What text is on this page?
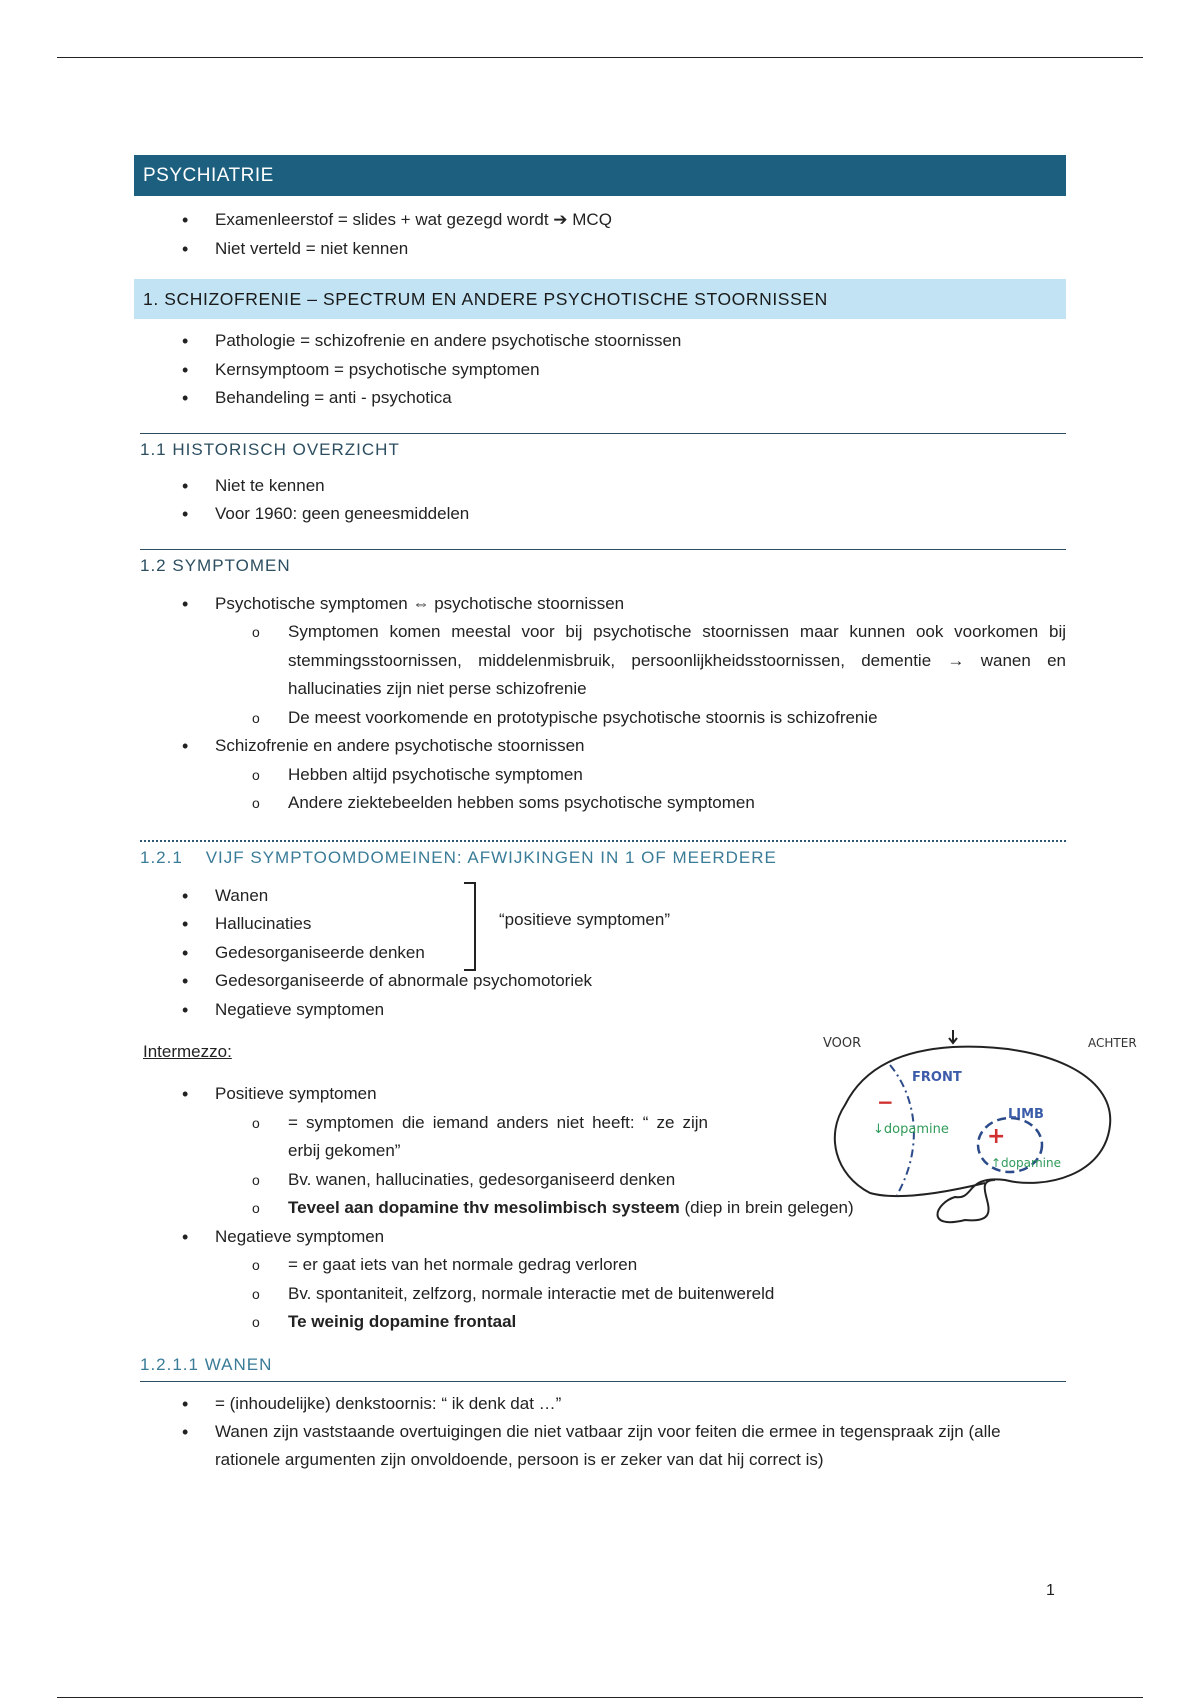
PSYCHIATRIE
• Examenleerstof = slides + wat gezegd wordt ➔ MCQ
• Niet verteld = niet kennen
1. SCHIZOFRENIE – SPECTRUM EN ANDERE PSYCHOTISCHE STOORNISSEN
• Pathologie = schizofrenie en andere psychotische stoornissen
• Kernsymptoom = psychotische symptomen
• Behandeling = anti - psychotica
1.1 HISTORISCH OVERZICHT
• Niet te kennen
• Voor 1960: geen geneesmiddelen
1.2 SYMPTOMEN
• Psychotische symptomen ⇔ psychotische stoornissen
o Symptomen komen meestal voor bij psychotische stoornissen maar kunnen ook voorkomen bij stemmingsstoornissen, middelenmisbruik, persoonlijkheidsstoornissen, dementie → wanen en hallucinaties zijn niet perse schizofrenie
o De meest voorkomende en prototypische psychotische stoornis is schizofrenie
• Schizofrenie en andere psychotische stoornissen
o Hebben altijd psychotische symptomen
o Andere ziektebeelden hebben soms psychotische symptomen
1.2.1    VIJF SYMPTOOMDOMEINEN: AFWIJKINGEN IN 1 OF MEERDERE
• Wanen
• Hallucinaties
• Gedesorganiseerde denken
• Gedesorganiseerde of abnormale psychomotoriek
• Negatieve symptomen
“positieve symptomen”
Intermezzo:
• Positieve symptomen
o = symptomen die iemand anders niet heeft: “ ze zijn erbij gekomen”
o Bv. wanen, hallucinaties, gedesorganiseerd denken
o Teveel aan dopamine thv mesolimbisch systeem (diep in brein gelegen)
• Negatieve symptomen
o = er gaat iets van het normale gedrag verloren
o Bv. spontaniteit, zelfzorg, normale interactie met de buitenwereld
o Te weinig dopamine frontaal
1.2.1.1 WANEN
• = (inhoudelijke) denkstoornis: “ ik denk dat …”
• Wanen zijn vaststaande overtuigingen die niet vatbaar zijn voor feiten die ermee in tegenspraak zijn (alle rationele argumenten zijn onvoldoende, persoon is er zeker van dat hij correct is)
VOOR	ACHTER
FRONT
LIMB
−
↓dopamine +
↑dopamine
1
